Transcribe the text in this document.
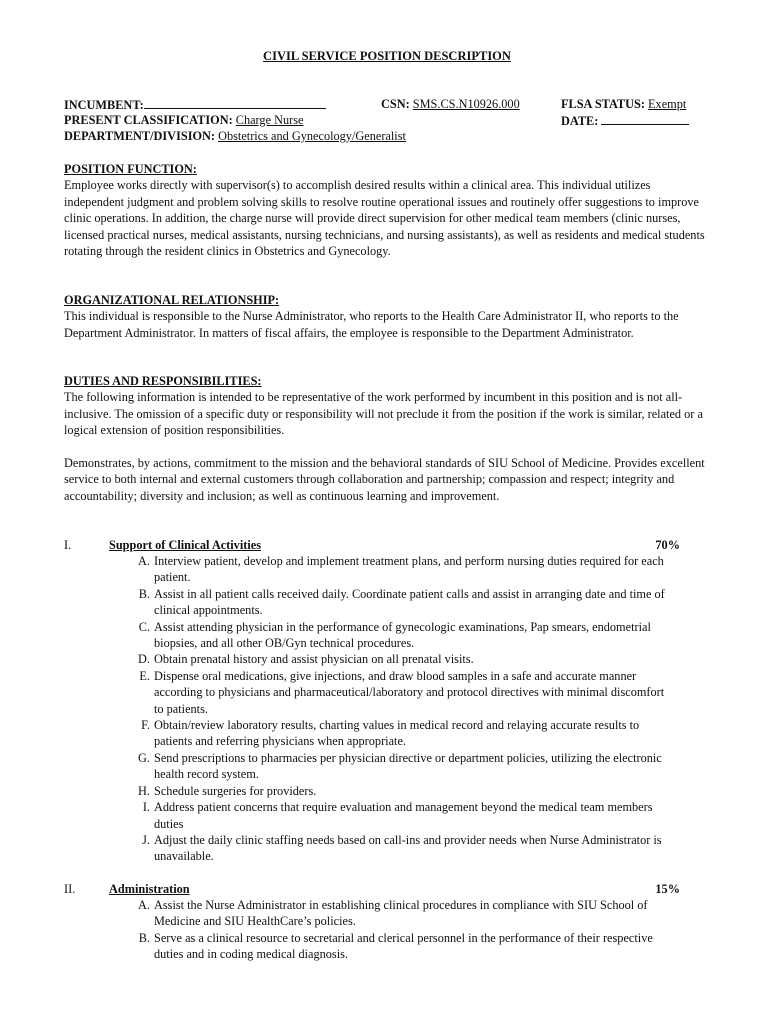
CIVIL SERVICE POSITION DESCRIPTION
INCUMBENT:	CSN: SMS.CS.N10926.000	FLSA STATUS: Exempt
PRESENT CLASSIFICATION: Charge Nurse	DATE:
DEPARTMENT/DIVISION: Obstetrics and Gynecology/Generalist
POSITION FUNCTION:

Employee works directly with supervisor(s) to accomplish desired results within a clinical area. This individual utilizes independent judgment and problem solving skills to resolve routine operational issues and routinely offer suggestions to improve clinic operations. In addition, the charge nurse will provide direct supervision for other medical team members (clinic nurses, licensed practical nurses, medical assistants, nursing technicians, and nursing assistants), as well as residents and medical students rotating through the resident clinics in Obstetrics and Gynecology.

ORGANIZATIONAL RELATIONSHIP:

This individual is responsible to the Nurse Administrator, who reports to the Health Care Administrator II, who reports to the Department Administrator. In matters of fiscal affairs, the employee is responsible to the Department Administrator.

DUTIES AND RESPONSIBILITIES:

The following information is intended to be representative of the work performed by incumbent in this position and is not all-inclusive. The omission of a specific duty or responsibility will not preclude it from the position if the work is similar, related or a logical extension of position responsibilities.

Demonstrates, by actions, commitment to the mission and the behavioral standards of SIU School of Medicine. Provides excellent service to both internal and external customers through collaboration and partnership; compassion and respect; integrity and accountability; diversity and inclusion; as well as continuous learning and improvement.

I.	Support of Clinical Activities	70%
A. Interview patient, develop and implement treatment plans, and perform nursing duties required for each patient.
B. Assist in all patient calls received daily. Coordinate patient calls and assist in arranging date and time of clinical appointments.
C. Assist attending physician in the performance of gynecologic examinations, Pap smears, endometrial biopsies, and all other OB/Gyn technical procedures.
D. Obtain prenatal history and assist physician on all prenatal visits.
E. Dispense oral medications, give injections, and draw blood samples in a safe and accurate manner according to physicians and pharmaceutical/laboratory and protocol directives with minimal discomfort to patients.
F. Obtain/review laboratory results, charting values in medical record and relaying accurate results to patients and referring physicians when appropriate.
G. Send prescriptions to pharmacies per physician directive or department policies, utilizing the electronic health record system.
H. Schedule surgeries for providers.
I. Address patient concerns that require evaluation and management beyond the medical team members duties
J. Adjust the daily clinic staffing needs based on call-ins and provider needs when Nurse Administrator is unavailable.
II.	Administration	15%
A. Assist the Nurse Administrator in establishing clinical procedures in compliance with SIU School of Medicine and SIU HealthCare’s policies.
B. Serve as a clinical resource to secretarial and clerical personnel in the performance of their respective duties and in coding medical diagnosis.
